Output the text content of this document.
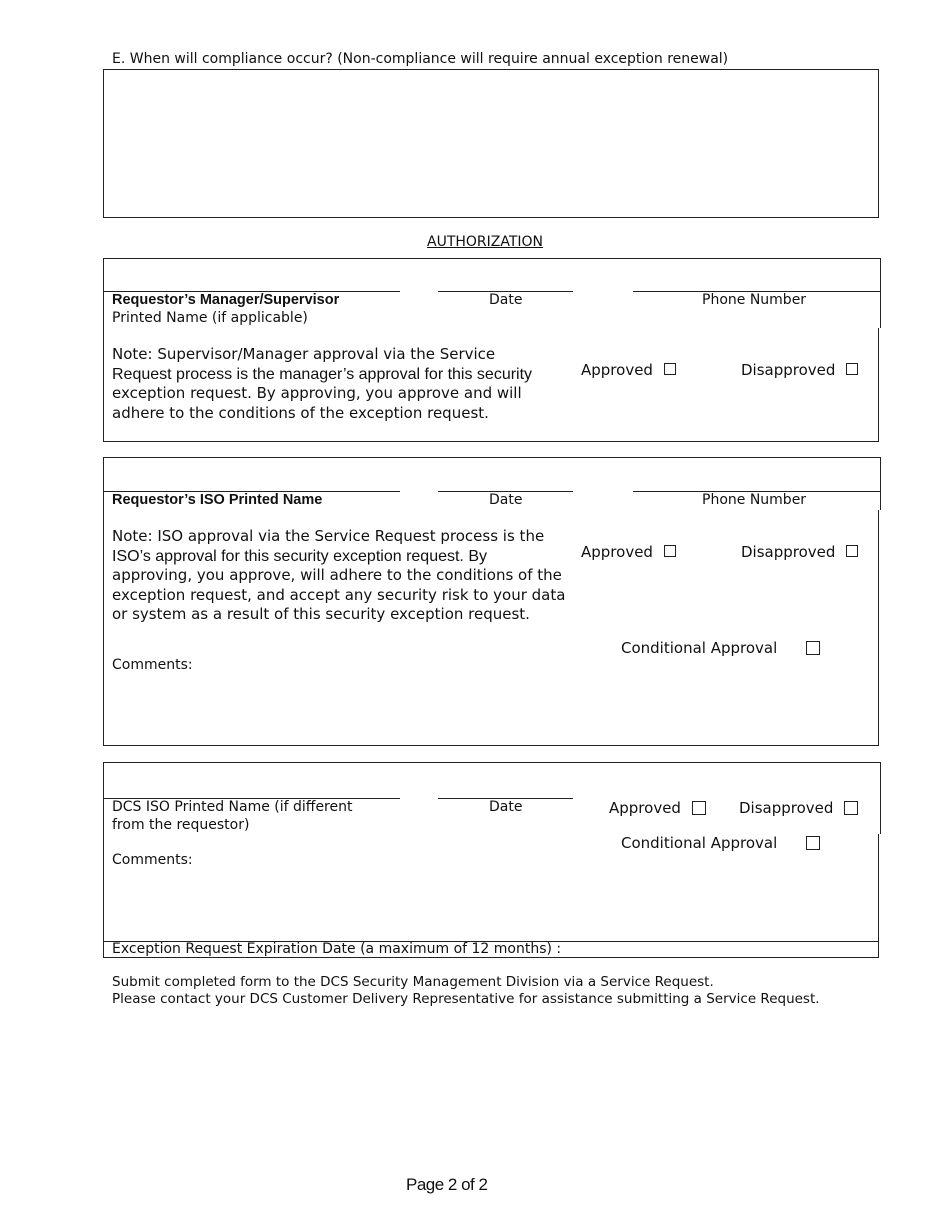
E. When will compliance occur? (Non-compliance will require annual exception renewal)
AUTHORIZATION
Requestor’s Manager/Supervisor
Printed Name (if applicable)
Date	Phone Number
Note: Supervisor/Manager approval via the Service
Request process is the manager’s approval for this security
exception request. By approving, you approve and will
adhere to the conditions of the exception request.
Approved	Disapproved
Requestor’s ISO Printed Name	Date	Phone Number
Note: ISO approval via the Service Request process is the
ISO’s approval for this security exception request. By
approving, you approve, will adhere to the conditions of the
exception request, and accept any security risk to your data
or system as a result of this security exception request.
Approved	Disapproved
Conditional Approval
Comments:
DCS ISO Printed Name (if different
from the requestor)
Date	Approved	Disapproved
Conditional Approval
Comments:
Exception Request Expiration Date (a maximum of 12 months) :
Submit completed form to the DCS Security Management Division via a Service Request.
Please contact your DCS Customer Delivery Representative for assistance submitting a Service Request.
Page 2 of 2
